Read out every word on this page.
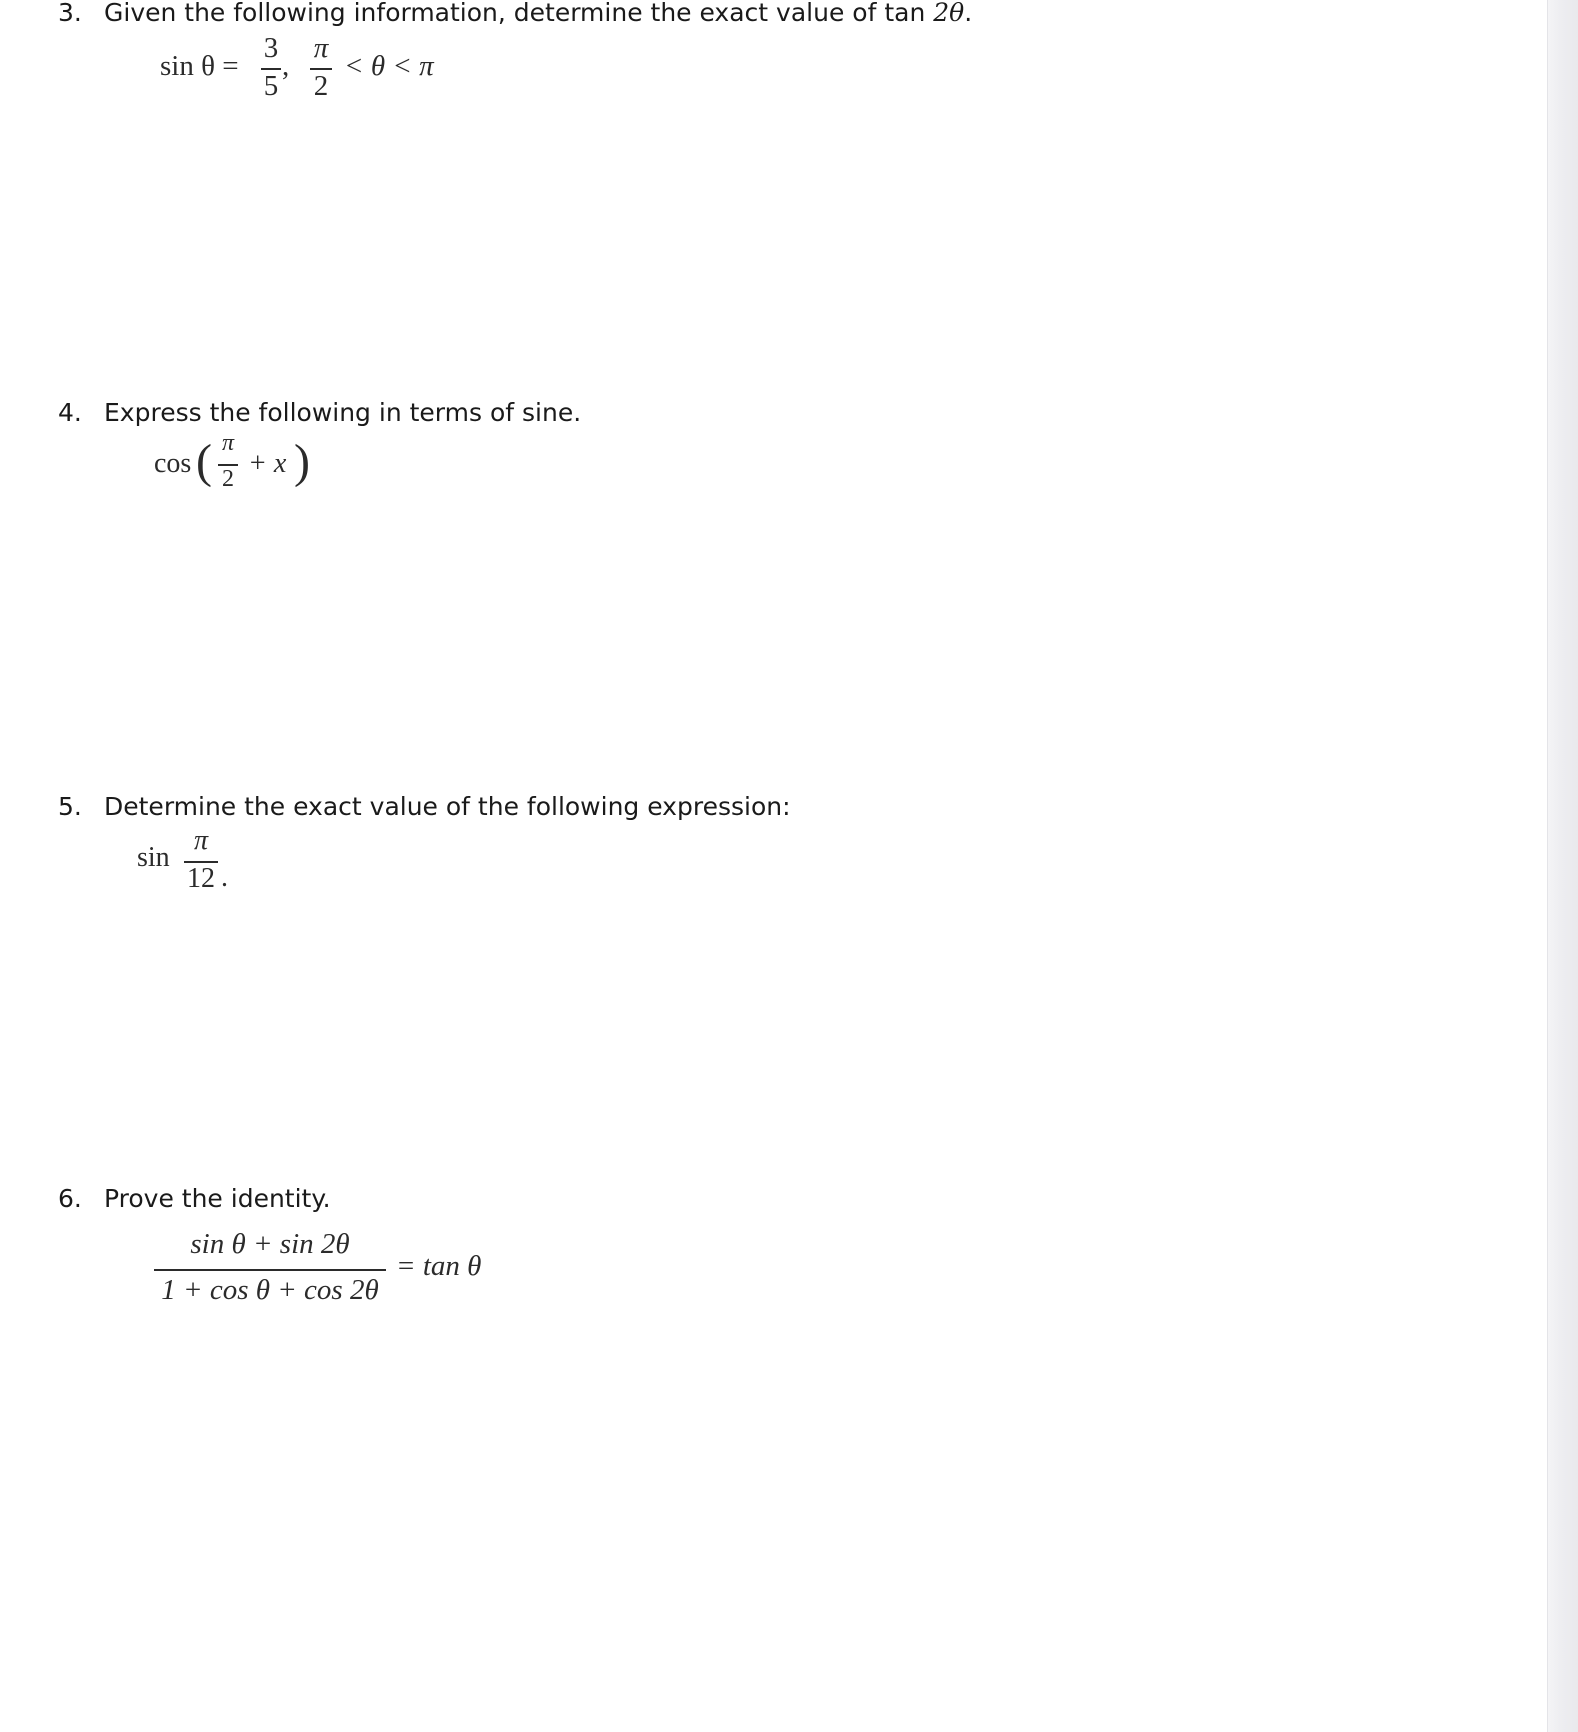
3. Given the following information, determine the exact value of tan 2θ.
sin θ =
3
5
,
π
2
< θ < π
4. Express the following in terms of sine.
cos ( π
2 + x )
5. Determine the exact value of the following expression:
sin
π
12 .
6. Prove the identity.
sin θ + sin 2θ
1 + cos θ + cos 2θ
= tan θ
